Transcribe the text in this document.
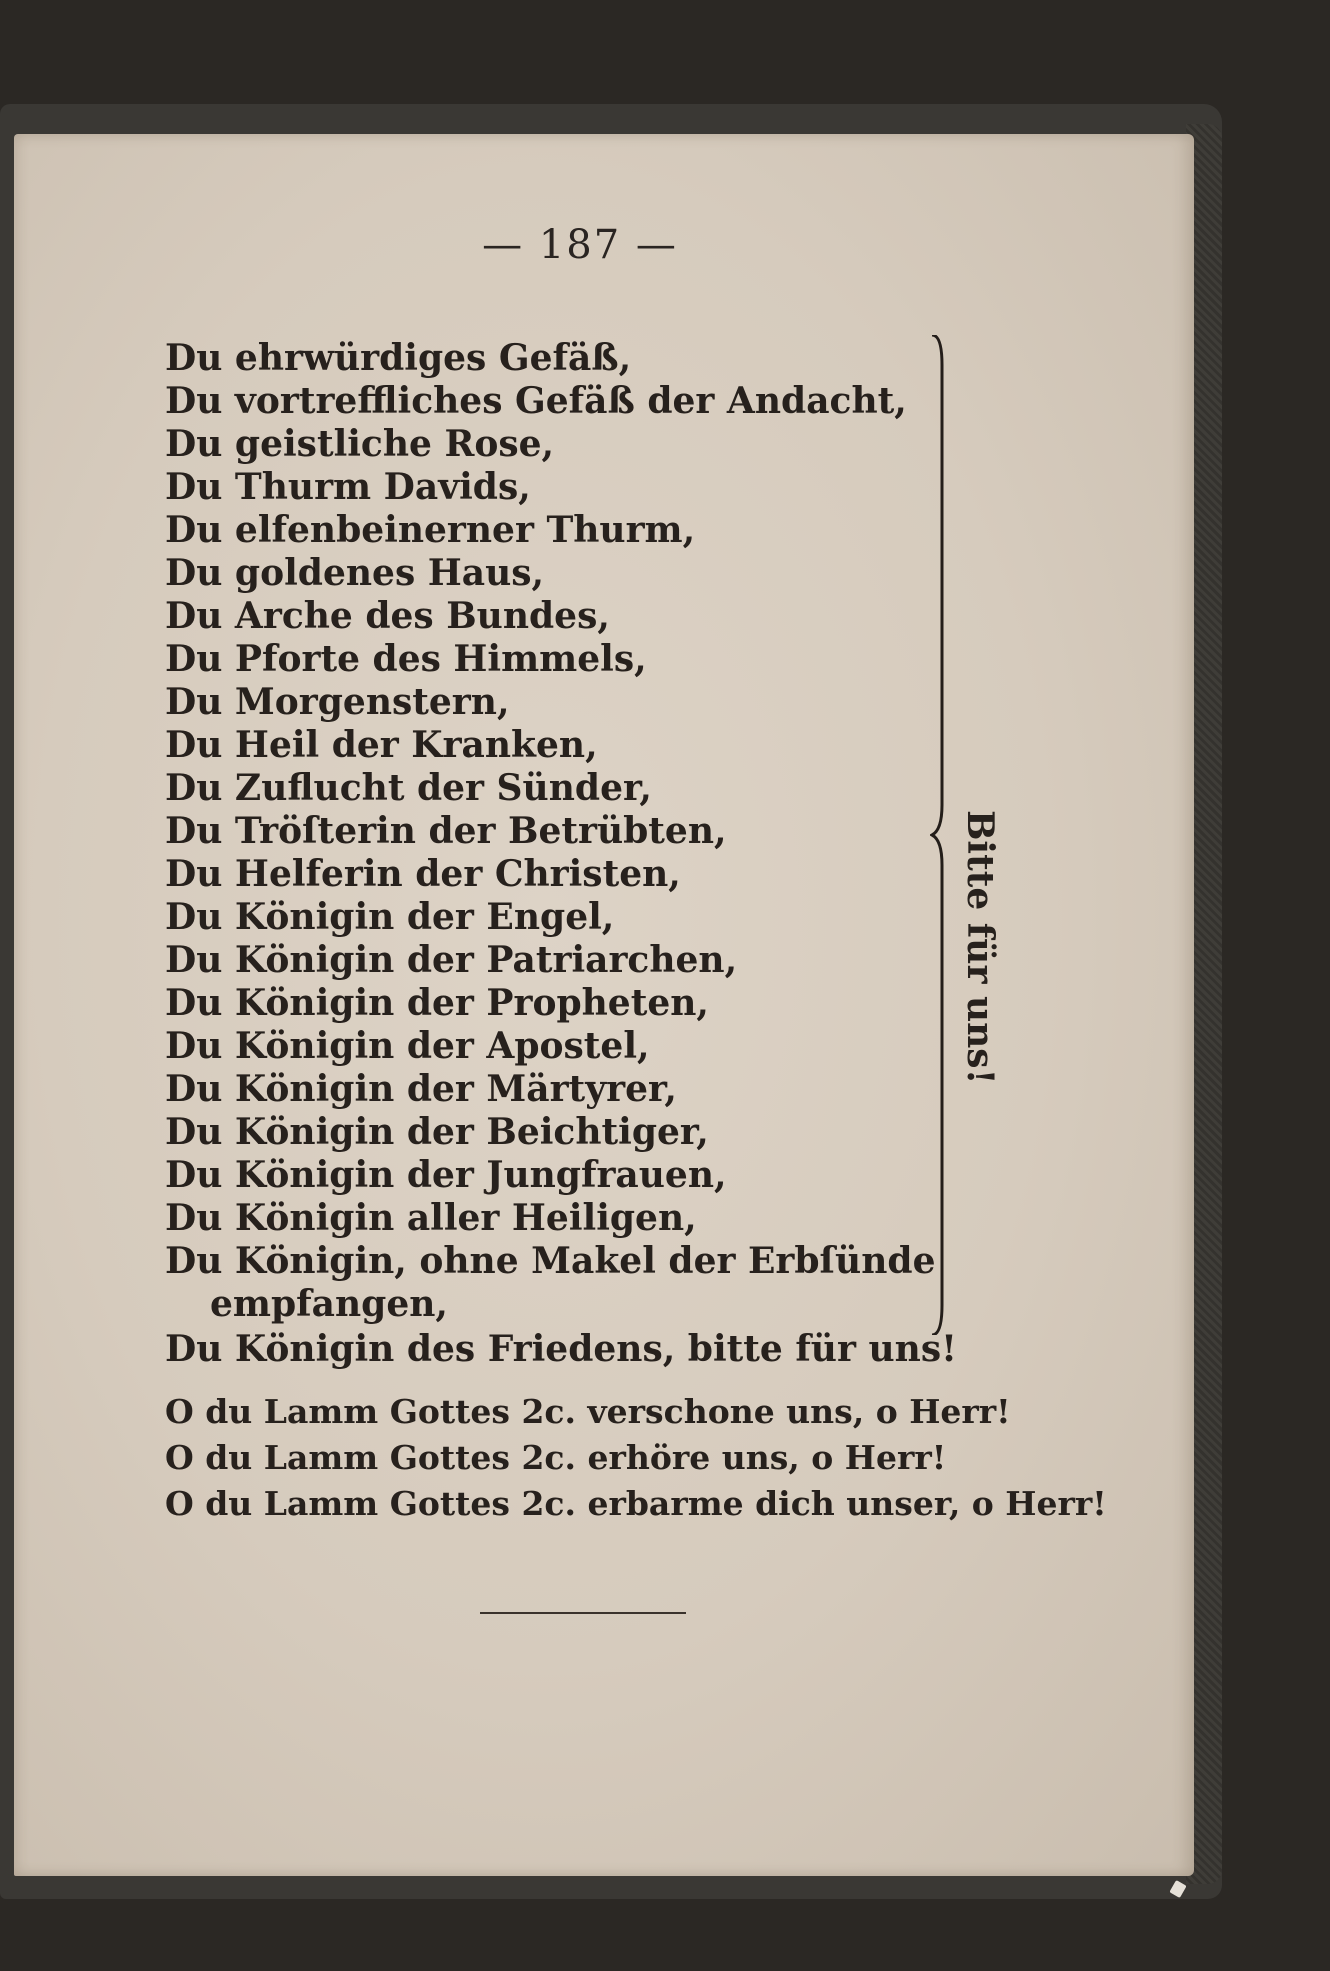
— 187 —
Du ehrwürdiges Gefäß,
Du vortreffliches Gefäß der Andacht,
Du geistliche Rose,
Du Thurm Davids,
Du elfenbeinerner Thurm,
Du goldenes Haus,
Du Arche des Bundes,
Du Pforte des Himmels,
Du Morgenstern,
Du Heil der Kranken,
Du Zuflucht der Sünder,
Du Tröſterin der Betrübten,
Du Helferin der Christen,
Du Königin der Engel,
Du Königin der Patriarchen,
Du Königin der Propheten,
Du Königin der Apostel,
Du Königin der Märtyrer,
Du Königin der Beichtiger,
Du Königin der Jungfrauen,
Du Königin aller Heiligen,
Du Königin, ohne Makel der Erbſünde
empfangen,
Du Königin des Friedens, bitte für uns!
O du Lamm Gottes 2c. verschone uns, o Herr!
O du Lamm Gottes 2c. erhöre uns, o Herr!
O du Lamm Gottes 2c. erbarme dich unser, o Herr!
